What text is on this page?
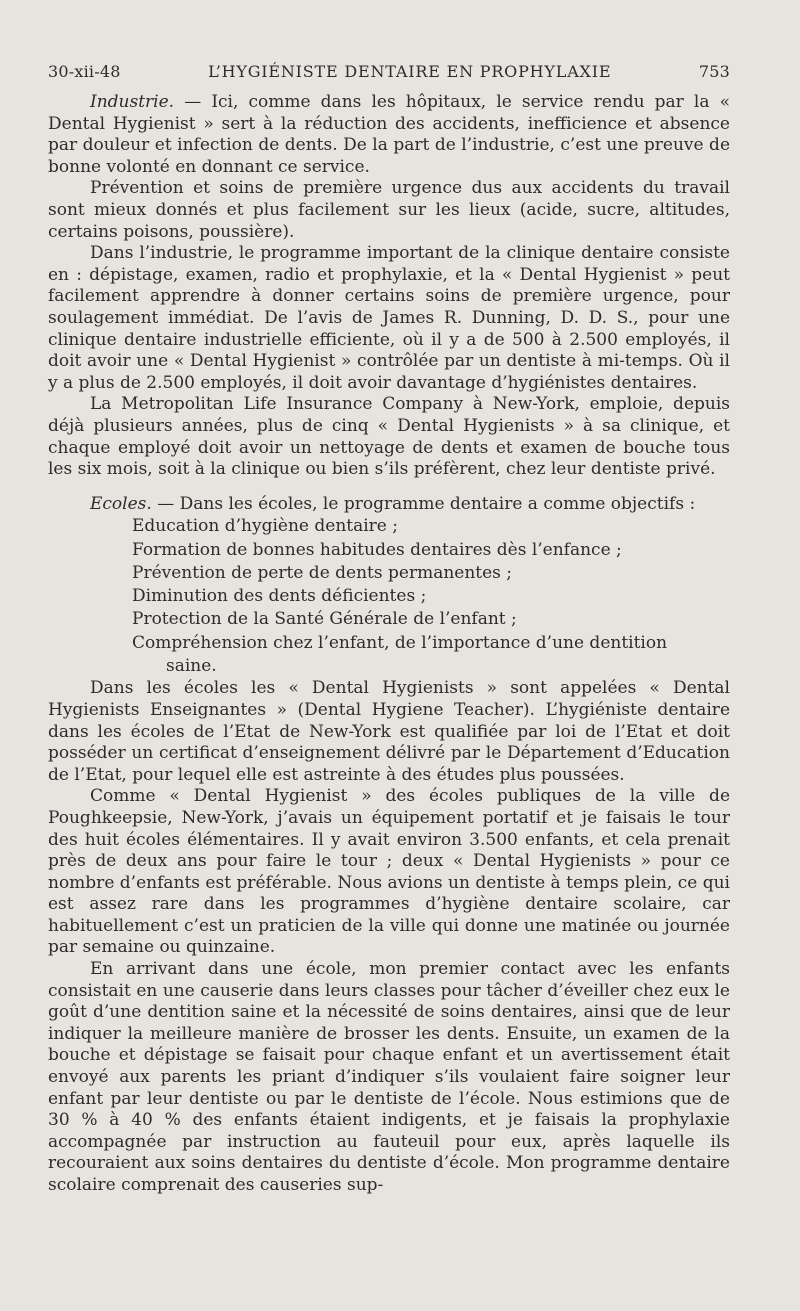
30-xii-48	L’HYGIÉNISTE DENTAIRE EN PROPHYLAXIE	753

Industrie. — Ici, comme dans les hôpitaux, le service rendu par la « Dental Hygienist » sert à la réduction des accidents, inefficience et absence par douleur et infection de dents. De la part de l’industrie, c’est une preuve de bonne volonté en donnant ce service.

Prévention et soins de première urgence dus aux accidents du travail sont mieux donnés et plus facilement sur les lieux (acide, sucre, altitudes, certains poisons, poussière).

Dans l’industrie, le programme important de la clinique dentaire consiste en : dépistage, examen, radio et prophylaxie, et la « Dental Hygienist » peut facilement apprendre à donner certains soins de première urgence, pour soulagement immédiat. De l’avis de James R. Dunning, D. D. S., pour une clinique dentaire industrielle efficiente, où il y a de 500 à 2.500 employés, il doit avoir une « Dental Hygienist » contrôlée par un dentiste à mi-temps. Où il y a plus de 2.500 employés, il doit avoir davantage d’hygiénistes dentaires.

La Metropolitan Life Insurance Company à New-York, emploie, depuis déjà plusieurs années, plus de cinq « Dental Hygienists » à sa clinique, et chaque employé doit avoir un nettoyage de dents et examen de bouche tous les six mois, soit à la clinique ou bien s’ils préfèrent, chez leur dentiste privé.

Ecoles. — Dans les écoles, le programme dentaire a comme objectifs :

Education d’hygiène dentaire ;
Formation de bonnes habitudes dentaires dès l’enfance ;
Prévention de perte de dents permanentes ;
Diminution des dents déficientes ;
Protection de la Santé Générale de l’enfant ;
Compréhension chez l’enfant, de l’importance d’une dentition
saine.

Dans les écoles les « Dental Hygienists » sont appelées « Dental Hygienists Enseignantes » (Dental Hygiene Teacher). L’hygiéniste dentaire dans les écoles de l’Etat de New-York est qualifiée par loi de l’Etat et doit posséder un certificat d’enseignement délivré par le Département d’Education de l’Etat, pour lequel elle est astreinte à des études plus poussées.

Comme « Dental Hygienist » des écoles publiques de la ville de Poughkeepsie, New-York, j’avais un équipement portatif et je faisais le tour des huit écoles élémentaires. Il y avait environ 3.500 enfants, et cela prenait près de deux ans pour faire le tour ; deux « Dental Hygienists » pour ce nombre d’enfants est préférable. Nous avions un dentiste à temps plein, ce qui est assez rare dans les programmes d’hygiène dentaire scolaire, car habituellement c’est un praticien de la ville qui donne une matinée ou journée par semaine ou quinzaine.

En arrivant dans une école, mon premier contact avec les enfants consistait en une causerie dans leurs classes pour tâcher d’éveiller chez eux le goût d’une dentition saine et la nécessité de soins dentaires, ainsi que de leur indiquer la meilleure manière de brosser les dents. Ensuite, un examen de la bouche et dépistage se faisait pour chaque enfant et un avertissement était envoyé aux parents les priant d’indiquer s’ils voulaient faire soigner leur enfant par leur dentiste ou par le dentiste de l’école. Nous estimions que de 30 % à 40 % des enfants étaient indigents, et je faisais la prophylaxie accompagnée par instruction au fauteuil pour eux, après laquelle ils recouraient aux soins dentaires du dentiste d’école. Mon programme dentaire scolaire comprenait des causeries sup-
